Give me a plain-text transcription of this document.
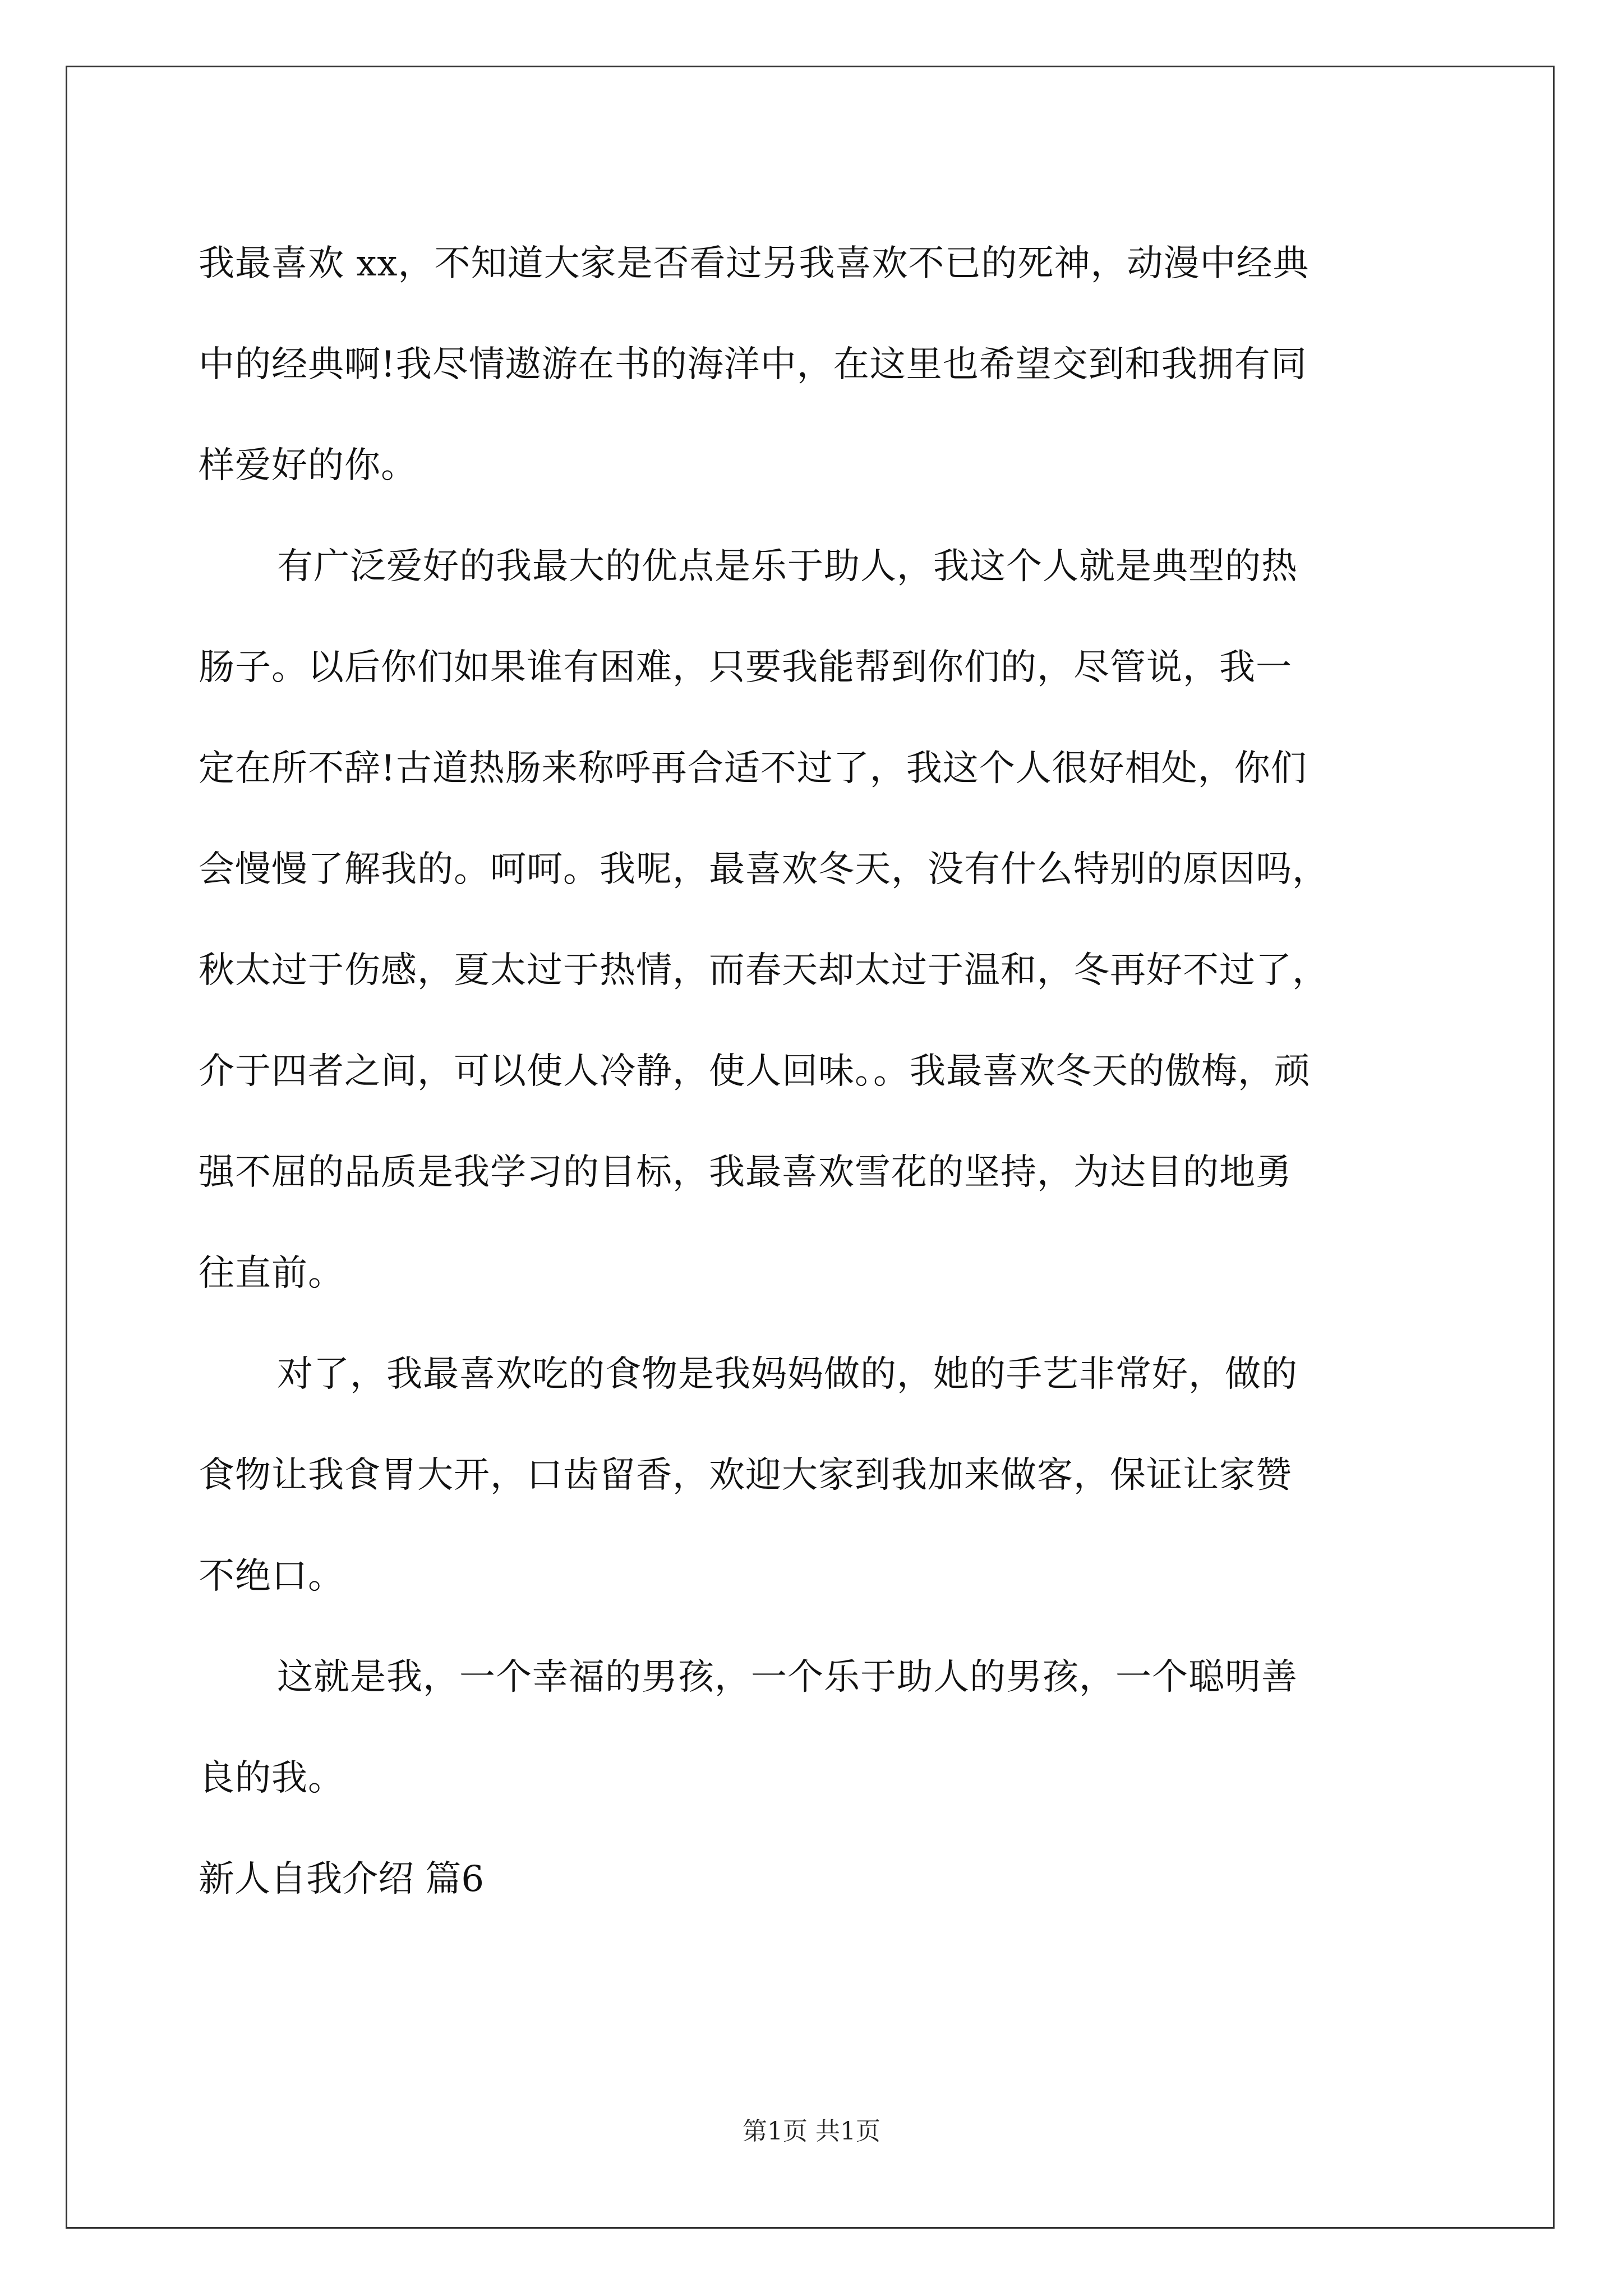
我最喜欢 xx，不知道大家是否看过另我喜欢不已的死神，动漫中经典
中的经典啊!我尽情遨游在书的海洋中，在这里也希望交到和我拥有同
样爱好的你。
有广泛爱好的我最大的优点是乐于助人，我这个人就是典型的热
肠子。以后你们如果谁有困难，只要我能帮到你们的，尽管说，我一
定在所不辞!古道热肠来称呼再合适不过了，我这个人很好相处，你们
会慢慢了解我的。呵呵。我呢，最喜欢冬天，没有什么特别的原因吗，
秋太过于伤感，夏太过于热情，而春天却太过于温和，冬再好不过了，
介于四者之间，可以使人冷静，使人回味。。我最喜欢冬天的傲梅，顽
强不屈的品质是我学习的目标，我最喜欢雪花的坚持，为达目的地勇
往直前。
对了，我最喜欢吃的食物是我妈妈做的，她的手艺非常好，做的
食物让我食胃大开，口齿留香，欢迎大家到我加来做客，保证让家赞
不绝口。
这就是我，一个幸福的男孩，一个乐于助人的男孩，一个聪明善
良的我。
新人自我介绍 篇6
第1页 共1页
